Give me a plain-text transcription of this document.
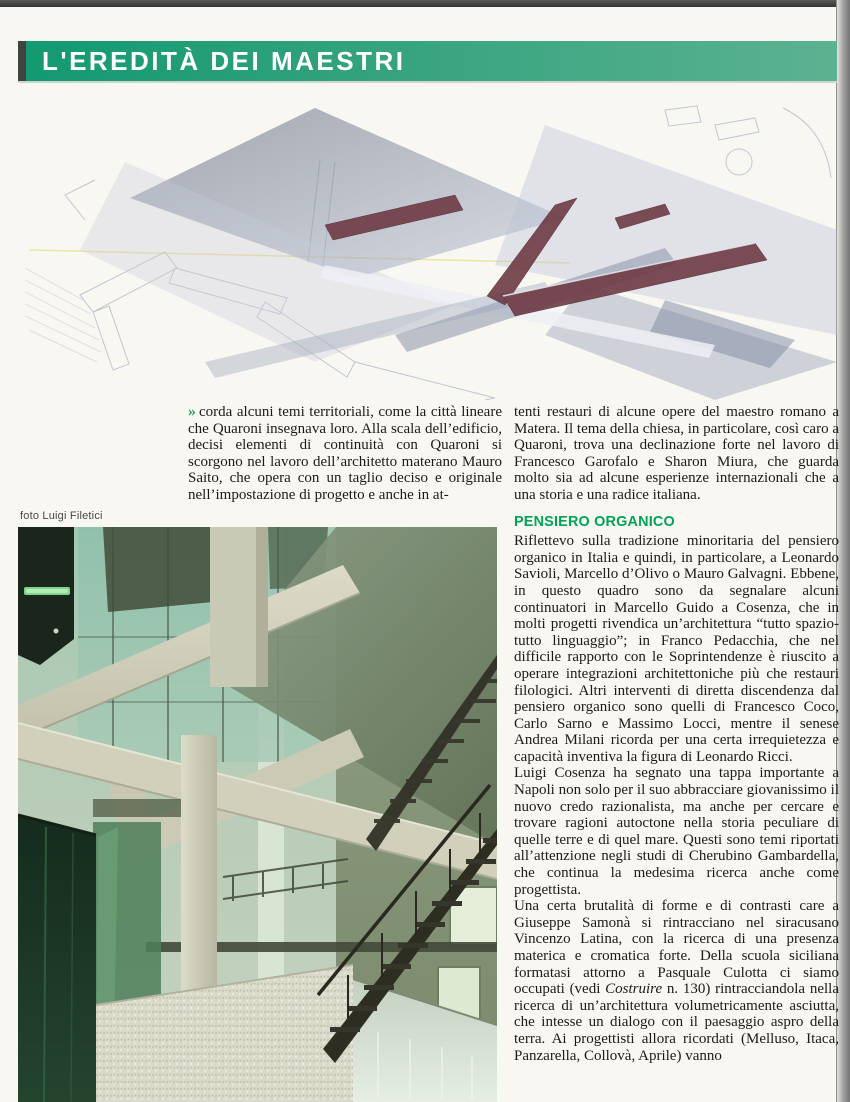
L'EREDITÀ DEI MAESTRI

» corda alcuni temi territoriali, come la città lineare che Quaroni insegnava loro. Alla scala dell’edificio, decisi elementi di continuità con Quaroni si scorgono nel lavoro dell’architetto materano Mauro Saito, che opera con un taglio deciso e originale nell’impostazione di progetto e anche in at-

foto Luigi Filetici

tenti restauri di alcune opere del maestro romano a Matera. Il tema della chiesa, in particolare, così caro a Quaroni, trova una declinazione forte nel lavoro di Francesco Garofalo e Sharon Miura, che guarda molto sia ad alcune esperienze internazionali che a una storia e una radice italiana.

PENSIERO ORGANICO

Riflettevo sulla tradizione minoritaria del pensiero organico in Italia e quindi, in particolare, a Leonardo Savioli, Marcello d’Olivo o Mauro Galvagni. Ebbene, in questo quadro sono da segnalare alcuni continuatori in Marcello Guido a Cosenza, che in molti progetti rivendica un’architettura “tutto spazio-tutto linguaggio”; in Franco Pedacchia, che nel difficile rapporto con le Soprintendenze è riuscito a operare integrazioni architettoniche più che restauri filologici. Altri interventi di diretta discendenza dal pensiero organico sono quelli di Francesco Coco, Carlo Sarno e Massimo Locci, mentre il senese Andrea Milani ricorda per una certa irrequietezza e capacità inventiva la figura di Leonardo Ricci.

Luigi Cosenza ha segnato una tappa importante a Napoli non solo per il suo abbracciare giovanissimo il nuovo credo razionalista, ma anche per cercare e trovare ragioni autoctone nella storia peculiare di quelle terre e di quel mare. Questi sono temi riportati all’attenzione negli studi di Cherubino Gambardella, che continua la medesima ricerca anche come progettista.

Una certa brutalità di forme e di contrasti care a Giuseppe Samonà si rintracciano nel siracusano Vincenzo Latina, con la ricerca di una presenza materica e cromatica forte. Della scuola siciliana formatasi attorno a Pasquale Culotta ci siamo occupati (vedi Costruire n. 130) rintracciandola nella ricerca di un’architettura volumetricamente asciutta, che intesse un dialogo con il paesaggio aspro della terra. Ai progettisti allora ricordati (Melluso, Itaca, Panzarella, Collovà, Aprile) vanno
